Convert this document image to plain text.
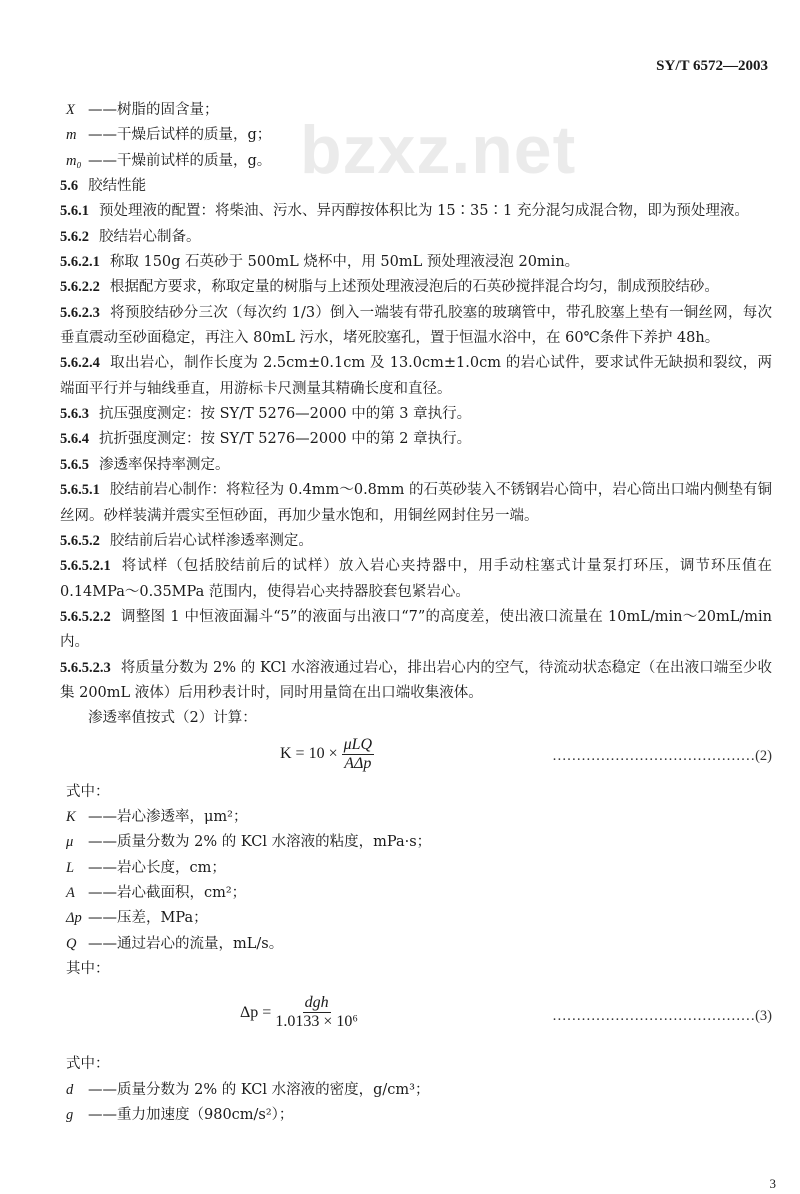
SY/T 6572—2003
bzxz.net
X ——树脂的固含量；
m ——干燥后试样的质量，g；
m₀ ——干燥前试样的质量，g。
5.6 胶结性能
5.6.1 预处理液的配置：将柴油、污水、异丙醇按体积比为 15∶35∶1 充分混匀成混合物，即为预处理液。
5.6.2 胶结岩心制备。
5.6.2.1 称取 150g 石英砂于 500mL 烧杯中，用 50mL 预处理液浸泡 20min。
5.6.2.2 根据配方要求，称取定量的树脂与上述预处理液浸泡后的石英砂搅拌混合均匀，制成预胶结砂。
5.6.2.3 将预胶结砂分三次（每次约 1/3）倒入一端装有带孔胶塞的玻璃管中，带孔胶塞上垫有一铜丝网，每次垂直震动至砂面稳定，再注入 80mL 污水，堵死胶塞孔，置于恒温水浴中，在 60℃条件下养护 48h。
5.6.2.4 取出岩心，制作长度为 2.5cm±0.1cm 及 13.0cm±1.0cm 的岩心试件，要求试件无缺损和裂纹，两端面平行并与轴线垂直，用游标卡尺测量其精确长度和直径。
5.6.3 抗压强度测定：按 SY/T 5276—2000 中的第 3 章执行。
5.6.4 抗折强度测定：按 SY/T 5276—2000 中的第 2 章执行。
5.6.5 渗透率保持率测定。
5.6.5.1 胶结前岩心制作：将粒径为 0.4mm～0.8mm 的石英砂装入不锈钢岩心筒中，岩心筒出口端内侧垫有铜丝网。砂样装满并震实至恒砂面，再加少量水饱和，用铜丝网封住另一端。
5.6.5.2 胶结前后岩心试样渗透率测定。
5.6.5.2.1 将试样（包括胶结前后的试样）放入岩心夹持器中，用手动柱塞式计量泵打环压，调节环压值在 0.14MPa～0.35MPa 范围内，使得岩心夹持器胶套包紧岩心。
5.6.5.2.2 调整图 1 中恒液面漏斗“5”的液面与出液口“7”的高度差，使出液口流量在 10mL/min～20mL/min 内。
5.6.5.2.3 将质量分数为 2% 的 KCl 水溶液通过岩心，排出岩心内的空气，待流动状态稳定（在出液口端至少收集 200mL 液体）后用秒表计时，同时用量筒在出口端收集液体。
渗透率值按式（2）计算：
$K = 10 \times \frac{\text{μLQ}}{\text{AΔp}}$	……………………………………(2)
式中：
K ——岩心渗透率，μm²；
μ ——质量分数为 2% 的 KCl 水溶液的粘度，mPa·s；
L ——岩心长度，cm；
A ——岩心截面积，cm²；
Δp ——压差，MPa；
Q ——通过岩心的流量，mL/s。
其中：
$\Delta p = \frac{\text{dgh}}{\text{1.0133 × 10⁶}}$	……………………………………(3)
式中：
d ——质量分数为 2% 的 KCl 水溶液的密度，g/cm³；
g ——重力加速度（980cm/s²）；
3
